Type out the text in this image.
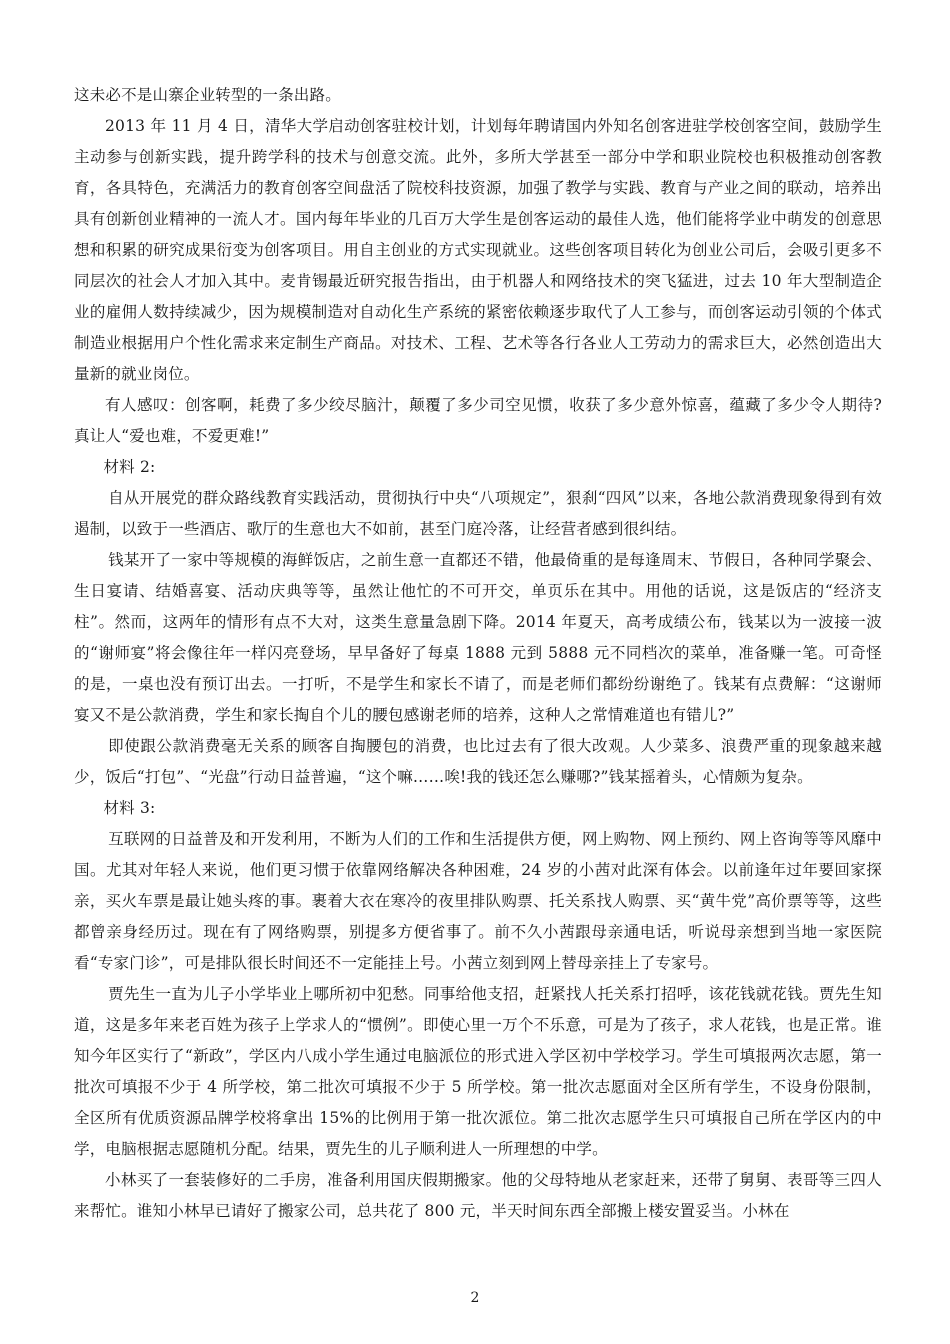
这未必不是山寨企业转型的一条出路。

2013 年 11 月 4 日，清华大学启动创客驻校计划，计划每年聘请国内外知名创客进驻学校创客空间，鼓励学生主动参与创新实践，提升跨学科的技术与创意交流。此外，多所大学甚至一部分中学和职业院校也积极推动创客教育，各具特色，充满活力的教育创客空间盘活了院校科技资源，加强了教学与实践、教育与产业之间的联动，培养出具有创新创业精神的一流人才。国内每年毕业的几百万大学生是创客运动的最佳人选，他们能将学业中萌发的创意思想和积累的研究成果衍变为创客项目。用自主创业的方式实现就业。这些创客项目转化为创业公司后，会吸引更多不同层次的社会人才加入其中。麦肯锡最近研究报告指出，由于机器人和网络技术的突飞猛进，过去 10 年大型制造企业的雇佣人数持续减少，因为规模制造对自动化生产系统的紧密依赖逐步取代了人工参与，而创客运动引领的个体式制造业根据用户个性化需求来定制生产商品。对技术、工程、艺术等各行各业人工劳动力的需求巨大，必然创造出大量新的就业岗位。

有人感叹：创客啊，耗费了多少绞尽脑汁，颠覆了多少司空见惯，收获了多少意外惊喜，蕴藏了多少令人期待?真让人“爱也难，不爱更难!”

材料 2:

自从开展党的群众路线教育实践活动，贯彻执行中央“八项规定”，狠刹“四风”以来，各地公款消费现象得到有效遏制，以致于一些酒店、歌厅的生意也大不如前，甚至门庭冷落，让经营者感到很纠结。

钱某开了一家中等规模的海鲜饭店，之前生意一直都还不错，他最倚重的是每逢周末、节假日，各种同学聚会、生日宴请、结婚喜宴、活动庆典等等，虽然让他忙的不可开交，单页乐在其中。用他的话说，这是饭店的“经济支柱”。然而，这两年的情形有点不大对，这类生意量急剧下降。2014 年夏天，高考成绩公布，钱某以为一波接一波的“谢师宴”将会像往年一样闪亮登场，早早备好了每桌 1888 元到 5888 元不同档次的菜单，准备赚一笔。可奇怪的是，一桌也没有预订出去。一打听，不是学生和家长不请了，而是老师们都纷纷谢绝了。钱某有点费解：“这谢师宴又不是公款消费，学生和家长掏自个儿的腰包感谢老师的培养，这种人之常情难道也有错儿?”

即使跟公款消费毫无关系的顾客自掏腰包的消费，也比过去有了很大改观。人少菜多、浪费严重的现象越来越少，饭后“打包”、“光盘”行动日益普遍，“这个嘛……唉!我的钱还怎么赚哪?”钱某摇着头，心情颇为复杂。

材料 3:

互联网的日益普及和开发利用，不断为人们的工作和生活提供方便，网上购物、网上预约、网上咨询等等风靡中国。尤其对年轻人来说，他们更习惯于依靠网络解决各种困难，24 岁的小茜对此深有体会。以前逢年过年要回家探亲，买火车票是最让她头疼的事。裹着大衣在寒冷的夜里排队购票、托关系找人购票、买“黄牛党”高价票等等，这些都曾亲身经历过。现在有了网络购票，别提多方便省事了。前不久小茜跟母亲通电话，听说母亲想到当地一家医院看“专家门诊”，可是排队很长时间还不一定能挂上号。小茜立刻到网上替母亲挂上了专家号。

贾先生一直为儿子小学毕业上哪所初中犯愁。同事给他支招，赶紧找人托关系打招呼，该花钱就花钱。贾先生知道，这是多年来老百姓为孩子上学求人的“惯例”。即使心里一万个不乐意，可是为了孩子，求人花钱，也是正常。谁知今年区实行了“新政”，学区内八成小学生通过电脑派位的形式进入学区初中学校学习。学生可填报两次志愿，第一批次可填报不少于 4 所学校，第二批次可填报不少于 5 所学校。第一批次志愿面对全区所有学生，不设身份限制，全区所有优质资源品牌学校将拿出 15%的比例用于第一批次派位。第二批次志愿学生只可填报自己所在学区内的中学，电脑根据志愿随机分配。结果，贾先生的儿子顺利进人一所理想的中学。

小林买了一套装修好的二手房，准备利用国庆假期搬家。他的父母特地从老家赶来，还带了舅舅、表哥等三四人来帮忙。谁知小林早已请好了搬家公司，总共花了 800 元，半天时间东西全部搬上楼安置妥当。小林在

2
